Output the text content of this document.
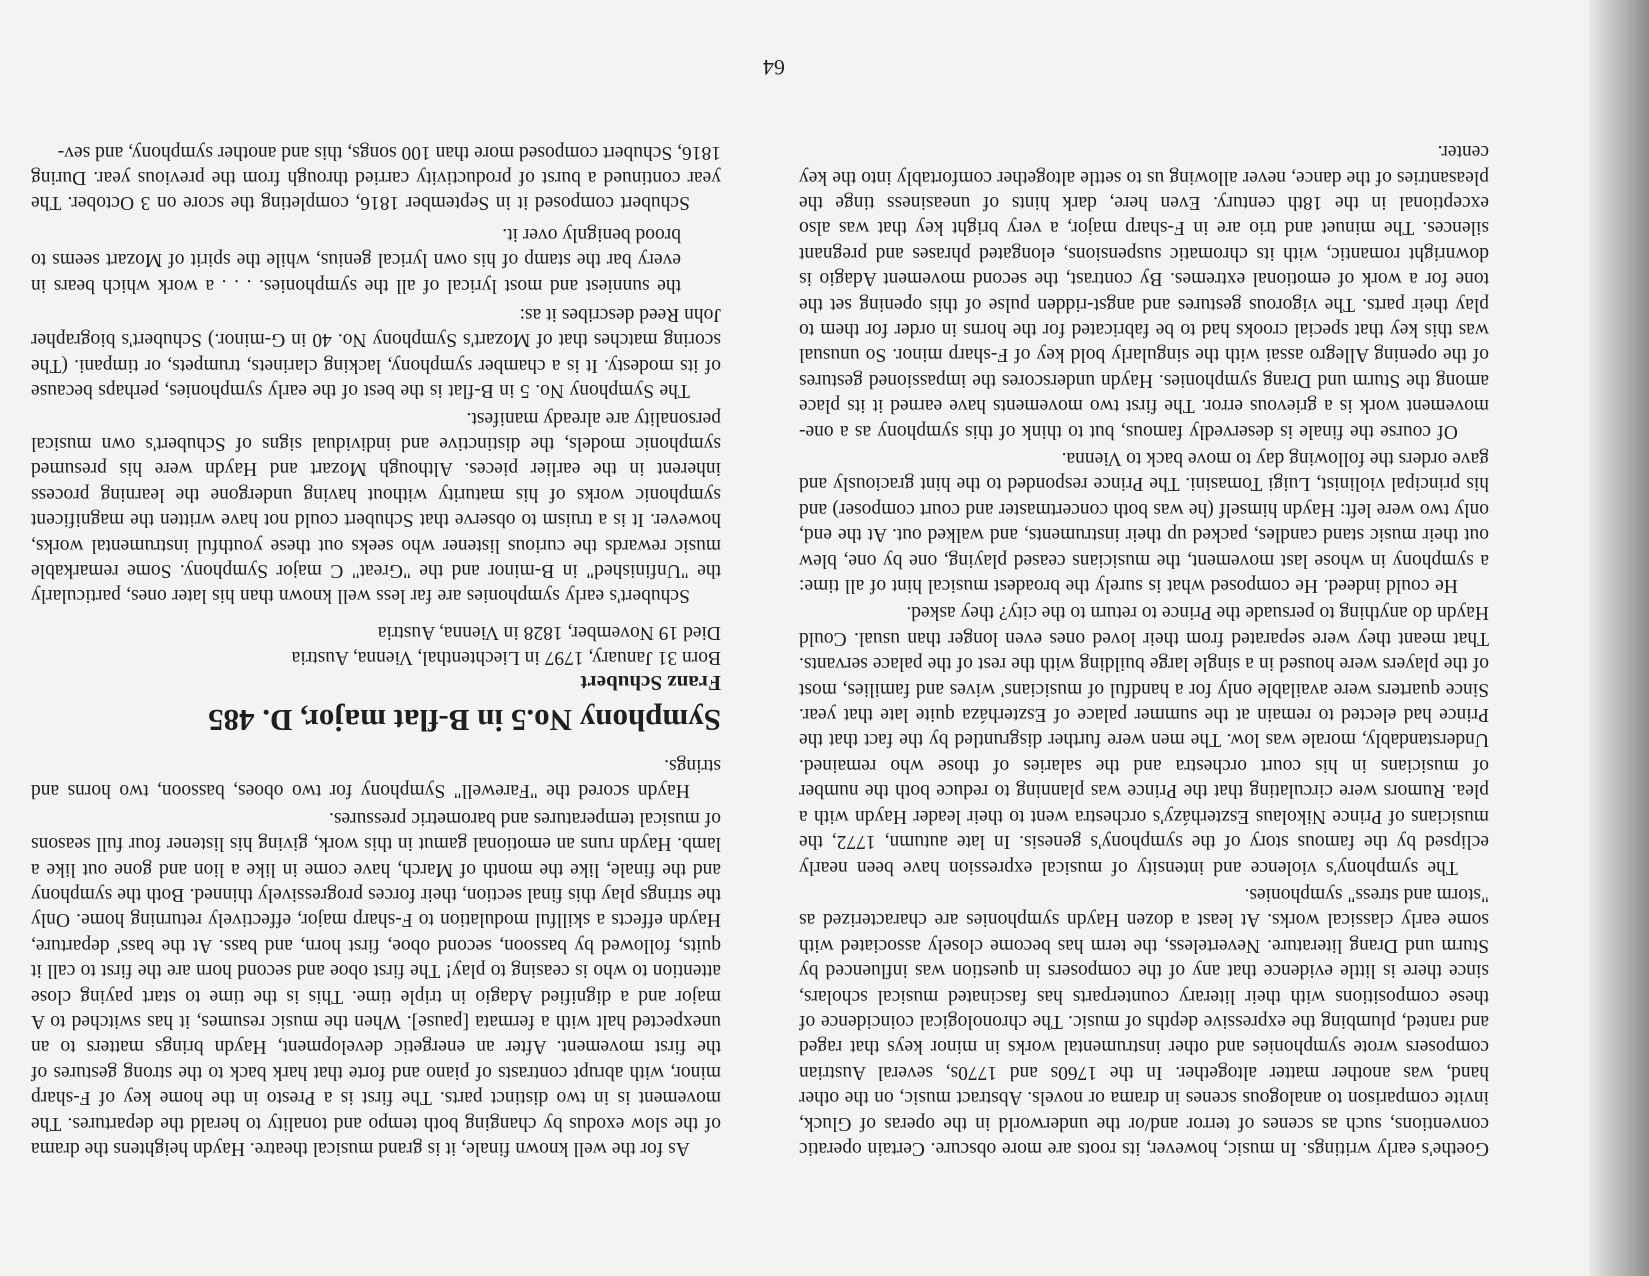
Goethe's early writings. In music, however, its roots are more obscure. Certain operatic conventions, such as scenes of terror and/or the underworld in the operas of Gluck, invite comparison to analogous scenes in drama or novels. Abstract music, on the other hand, was another matter altogether. In the 1760s and 1770s, several Austrian composers wrote symphonies and other instrumental works in minor keys that raged and ranted, plumbing the expressive depths of music. The chronological coincidence of these compositions with their literary counterparts has fascinated musical scholars, since there is little evidence that any of the composers in question was influenced by Sturm und Drang literature. Neverteless, the term has become closely associated with some early classical works. At least a dozen Haydn symphonies are characterized as "storm and stress" symphonies.

The symphony's violence and intensity of musical expression have been nearly eclipsed by the famous story of the symphony's genesis. In late autumn, 1772, the musicians of Prince Nikolaus Eszterházy's orchestra went to their leader Haydn with a plea. Rumors were circulating that the Prince was planning to reduce both the number of musicians in his court orchestra and the salaries of those who remained. Understandably, morale was low. The men were further disgruntled by the fact that the Prince had elected to remain at the summer palace of Eszterháza quite late that year. Since quarters were available only for a handful of musicians' wives and families, most of the players were housed in a single large building with the rest of the palace servants. That meant they were separated from their loved ones even longer than usual. Could Haydn do anything to persuade the Prince to return to the city? they asked.

He could indeed. He composed what is surely the broadest musical hint of all time: a symphony in whose last movement, the musicians ceased playing, one by one, blew out their music stand candles, packed up their instruments, and walked out. At the end, only two were left: Haydn himself (he was both concertmaster and court composer) and his principal violinist, Luigi Tomasini. The Prince responded to the hint graciously and gave orders the following day to move back to Vienna.

Of course the finale is deservedly famous, but to think of this symphony as a one-movement work is a grievous error. The first two movements have earned it its place among the Sturm und Drang symphonies. Haydn underscores the impassioned gestures of the opening Allegro assai with the singularly bold key of F-sharp minor. So unusual was this key that special crooks had to be fabricated for the horns in order for them to play their parts. The vigorous gestures and angst-ridden pulse of this opening set the tone for a work of emotional extremes. By contrast, the second movement Adagio is downright romantic, with its chromatic suspensions, elongated phrases and pregnant silences. The minuet and trio are in F-sharp major, a very bright key that was also exceptional in the 18th century. Even here, dark hints of uneasiness tinge the pleasantries of the dance, never allowing us to settle altogether comfortably into the key center.

As for the well known finale, it is grand musical theatre. Haydn heightens the drama of the slow exodus by changing both tempo and tonality to herald the departures. The movement is in two distinct parts. The first is a Presto in the home key of F-sharp minor, with abrupt contrasts of piano and forte that hark back to the strong gestures of the first movement. After an energetic development, Haydn brings matters to an unexpected halt with a fermata [pause]. When the music resumes, it has switched to A major and a dignified Adagio in triple time. This is the time to start paying close attention to who is ceasing to play! The first oboe and second horn are the first to call it quits, followed by bassoon, second oboe, first horn, and bass. At the bass' departure, Haydn effects a skillful modulation to F-sharp major, effectively returning home. Only the strings play this final section, their forces progressively thinned. Both the symphony and the finale, like the month of March, have come in like a lion and gone out like a lamb. Haydn runs an emotional gamut in this work, giving his listener four full seasons of musical temperatures and barometric pressures.

Haydn scored the "Farewell" Symphony for two oboes, bassoon, two horns and strings.

Symphony No.5 in B-flat major, D. 485
Franz Schubert
Born 31 January, 1797 in Liechtenthal, Vienna, Austria
Died 19 November, 1828 in Vienna, Austria

Schubert's early symphonies are far less well known than his later ones, particularly the "Unfinished" in B-minor and the "Great" C major Symphony. Some remarkable music rewards the curious listener who seeks out these youthful instrumental works, however. It is a truism to observe that Schubert could not have written the magnificent symphonic works of his maturity without having undergone the learning process inherent in the earlier pieces. Although Mozart and Haydn were his presumed symphonic models, the distinctive and individual signs of Schubert's own musical personality are already manifest.

The Symphony No. 5 in B-flat is the best of the early symphonies, perhaps because of its modesty. It is a chamber symphony, lacking clarinets, trumpets, or timpani. (The scoring matches that of Mozart's Symphony No. 40 in G-minor.) Schubert's biographer John Reed describes it as:

the sunniest and most lyrical of all the symphonies. . . . a work which bears in every bar the stamp of his own lyrical genius, while the spirit of Mozart seems to brood benignly over it.

Schubert composed it in September 1816, completing the score on 3 October. The year continued a burst of productivity carried through from the previous year. During 1816, Schubert composed more than 100 songs, this and another symphony, and sev-

64
